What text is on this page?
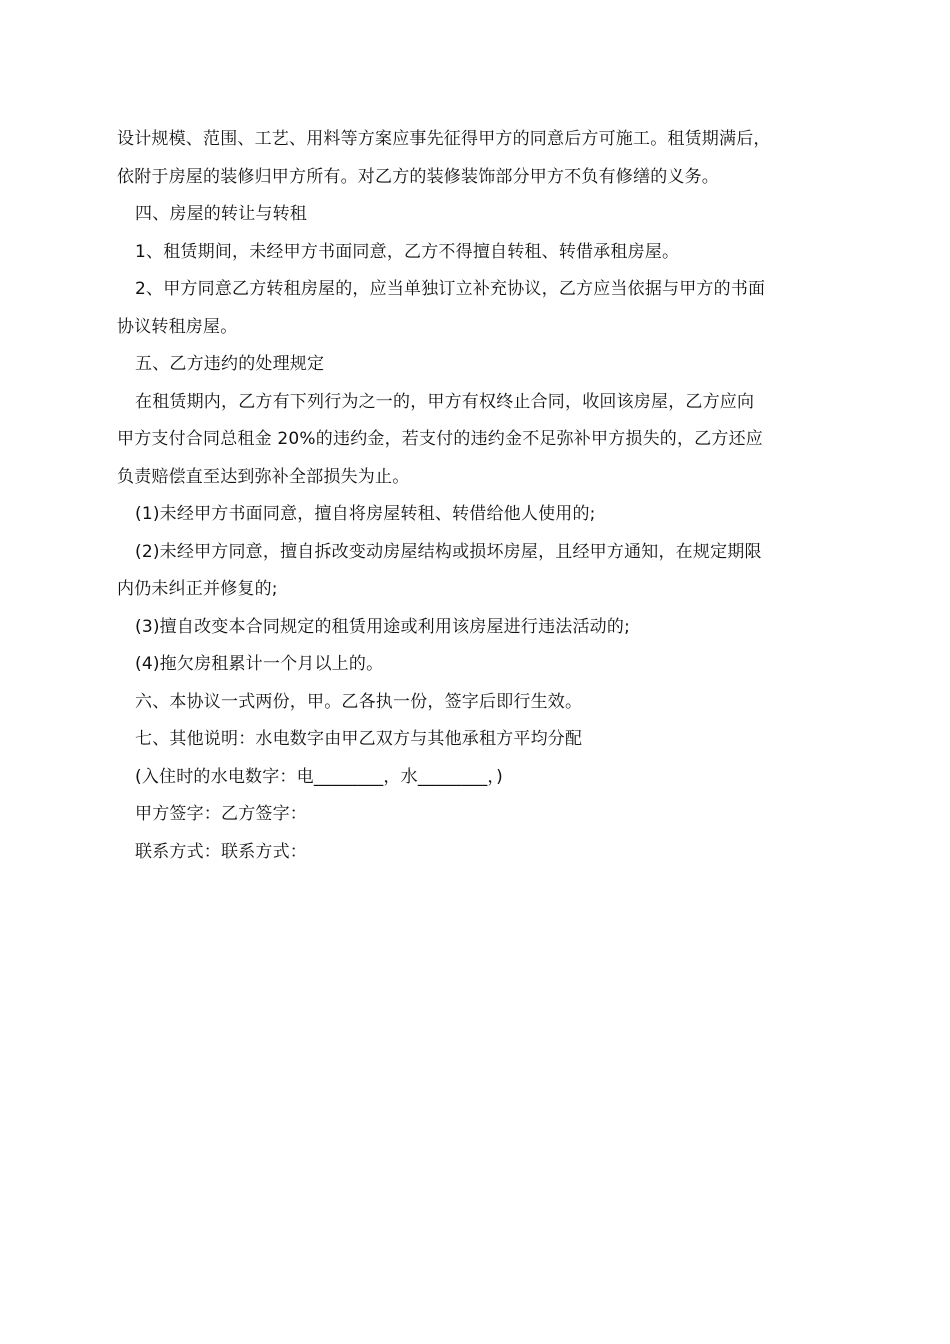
设计规模、范围、工艺、用料等方案应事先征得甲方的同意后方可施工。租赁期满后，

依附于房屋的装修归甲方所有。对乙方的装修装饰部分甲方不负有修缮的义务。

四、房屋的转让与转租

1、租赁期间，未经甲方书面同意，乙方不得擅自转租、转借承租房屋。

2、甲方同意乙方转租房屋的，应当单独订立补充协议，乙方应当依据与甲方的书面

协议转租房屋。

五、乙方违约的处理规定

在租赁期内，乙方有下列行为之一的，甲方有权终止合同，收回该房屋，乙方应向

甲方支付合同总租金 20%的违约金，若支付的违约金不足弥补甲方损失的，乙方还应

负责赔偿直至达到弥补全部损失为止。

(1)未经甲方书面同意，擅自将房屋转租、转借给他人使用的;

(2)未经甲方同意，擅自拆改变动房屋结构或损坏房屋，且经甲方通知，在规定期限

内仍未纠正并修复的;

(3)擅自改变本合同规定的租赁用途或利用该房屋进行违法活动的;

(4)拖欠房租累计一个月以上的。

六、本协议一式两份，甲。乙各执一份，签字后即行生效。

七、其他说明：水电数字由甲乙双方与其他承租方平均分配

(入住时的水电数字：电________，水________，)

甲方签字：乙方签字：

联系方式：联系方式：
